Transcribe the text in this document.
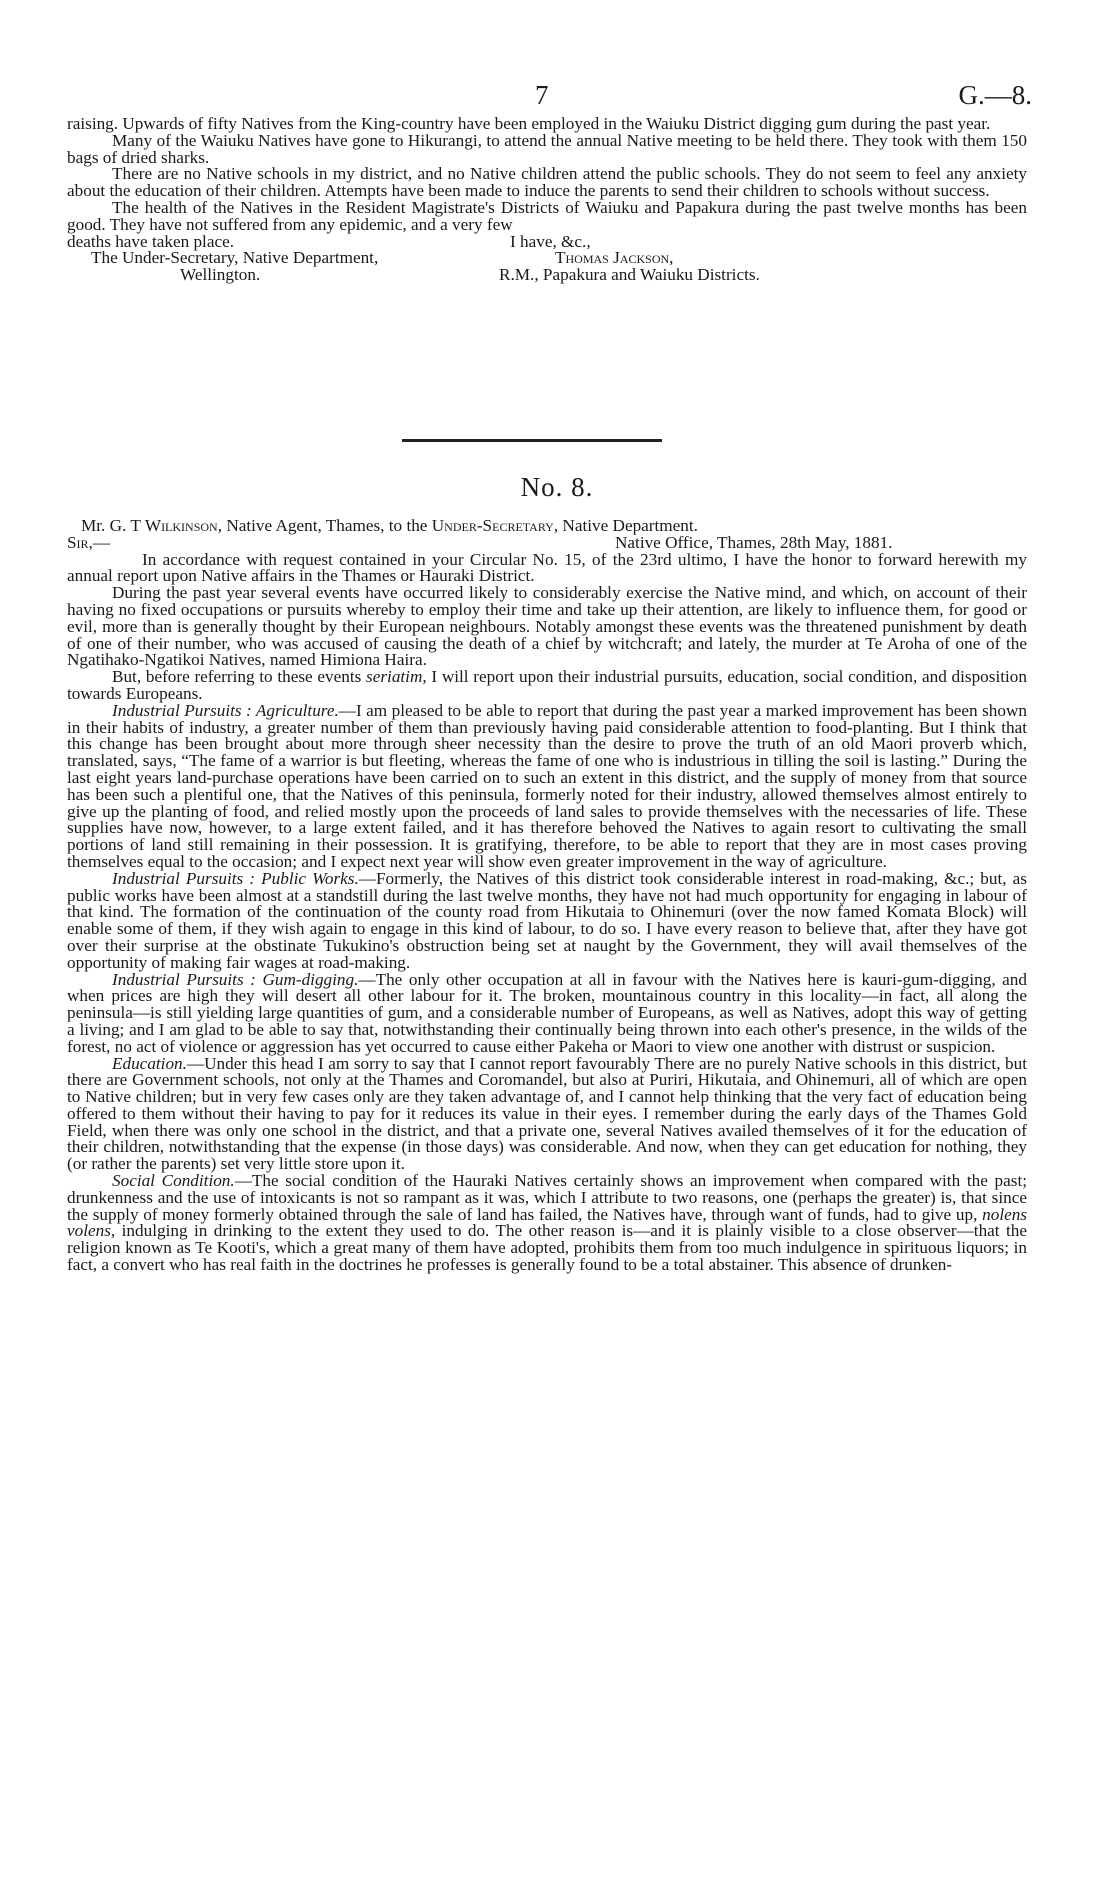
7	G.—8.

raising. Upwards of fifty Natives from the King-country have been employed in the Waiuku District digging gum during the past year.

Many of the Waiuku Natives have gone to Hikurangi, to attend the annual Native meeting to be held there. They took with them 150 bags of dried sharks.

There are no Native schools in my district, and no Native children attend the public schools. They do not seem to feel any anxiety about the education of their children. Attempts have been made to induce the parents to send their children to schools without success.

The health of the Natives in the Resident Magistrate's Districts of Waiuku and Papakura during the past twelve months has been good. They have not suffered from any epidemic, and a very few

deaths have taken place.	I have, &c.,
The Under-Secretary, Native Department,	Thomas Jackson,
Wellington.	R.M., Papakura and Waiuku Districts.
No. 8.

Mr. G. T Wilkinson, Native Agent, Thames, to the Under-Secretary, Native Department.

Sir,—	Native Office, Thames, 28th May, 1881.

In accordance with request contained in your Circular No. 15, of the 23rd ultimo, I have the honor to forward herewith my annual report upon Native affairs in the Thames or Hauraki District.

During the past year several events have occurred likely to considerably exercise the Native mind, and which, on account of their having no fixed occupations or pursuits whereby to employ their time and take up their attention, are likely to influence them, for good or evil, more than is generally thought by their European neighbours. Notably amongst these events was the threatened punishment by death of one of their number, who was accused of causing the death of a chief by witchcraft; and lately, the murder at Te Aroha of one of the Ngatihako-Ngatikoi Natives, named Himiona Haira.

But, before referring to these events seriatim, I will report upon their industrial pursuits, education, social condition, and disposition towards Europeans.

Industrial Pursuits : Agriculture.—I am pleased to be able to report that during the past year a marked improvement has been shown in their habits of industry, a greater number of them than previously having paid considerable attention to food-planting. But I think that this change has been brought about more through sheer necessity than the desire to prove the truth of an old Maori proverb which, translated, says, “The fame of a warrior is but fleeting, whereas the fame of one who is industrious in tilling the soil is lasting.” During the last eight years land-purchase operations have been carried on to such an extent in this district, and the supply of money from that source has been such a plentiful one, that the Natives of this peninsula, formerly noted for their industry, allowed themselves almost entirely to give up the planting of food, and relied mostly upon the proceeds of land sales to provide themselves with the necessaries of life. These supplies have now, however, to a large extent failed, and it has therefore behoved the Natives to again resort to cultivating the small portions of land still remaining in their possession. It is gratifying, therefore, to be able to report that they are in most cases proving themselves equal to the occasion; and I expect next year will show even greater improvement in the way of agriculture.

Industrial Pursuits : Public Works.—Formerly, the Natives of this district took considerable interest in road-making, &c.; but, as public works have been almost at a standstill during the last twelve months, they have not had much opportunity for engaging in labour of that kind. The formation of the continuation of the county road from Hikutaia to Ohinemuri (over the now famed Komata Block) will enable some of them, if they wish again to engage in this kind of labour, to do so. I have every reason to believe that, after they have got over their surprise at the obstinate Tukukino's obstruction being set at naught by the Government, they will avail themselves of the opportunity of making fair wages at road-making.

Industrial Pursuits : Gum-digging.—The only other occupation at all in favour with the Natives here is kauri-gum-digging, and when prices are high they will desert all other labour for it. The broken, mountainous country in this locality—in fact, all along the peninsula—is still yielding large quantities of gum, and a considerable number of Europeans, as well as Natives, adopt this way of getting a living; and I am glad to be able to say that, notwithstanding their continually being thrown into each other's presence, in the wilds of the forest, no act of violence or aggression has yet occurred to cause either Pakeha or Maori to view one another with distrust or suspicion.

Education.—Under this head I am sorry to say that I cannot report favourably There are no purely Native schools in this district, but there are Government schools, not only at the Thames and Coromandel, but also at Puriri, Hikutaia, and Ohinemuri, all of which are open to Native children; but in very few cases only are they taken advantage of, and I cannot help thinking that the very fact of education being offered to them without their having to pay for it reduces its value in their eyes. I remember during the early days of the Thames Gold Field, when there was only one school in the district, and that a private one, several Natives availed themselves of it for the education of their children, notwithstanding that the expense (in those days) was considerable. And now, when they can get education for nothing, they (or rather the parents) set very little store upon it.

Social Condition.—The social condition of the Hauraki Natives certainly shows an improvement when compared with the past; drunkenness and the use of intoxicants is not so rampant as it was, which I attribute to two reasons, one (perhaps the greater) is, that since the supply of money formerly obtained through the sale of land has failed, the Natives have, through want of funds, had to give up, nolens volens, indulging in drinking to the extent they used to do. The other reason is—and it is plainly visible to a close observer—that the religion known as Te Kooti's, which a great many of them have adopted, prohibits them from too much indulgence in spirituous liquors; in fact, a convert who has real faith in the doctrines he professes is generally found to be a total abstainer. This absence of drunken-
